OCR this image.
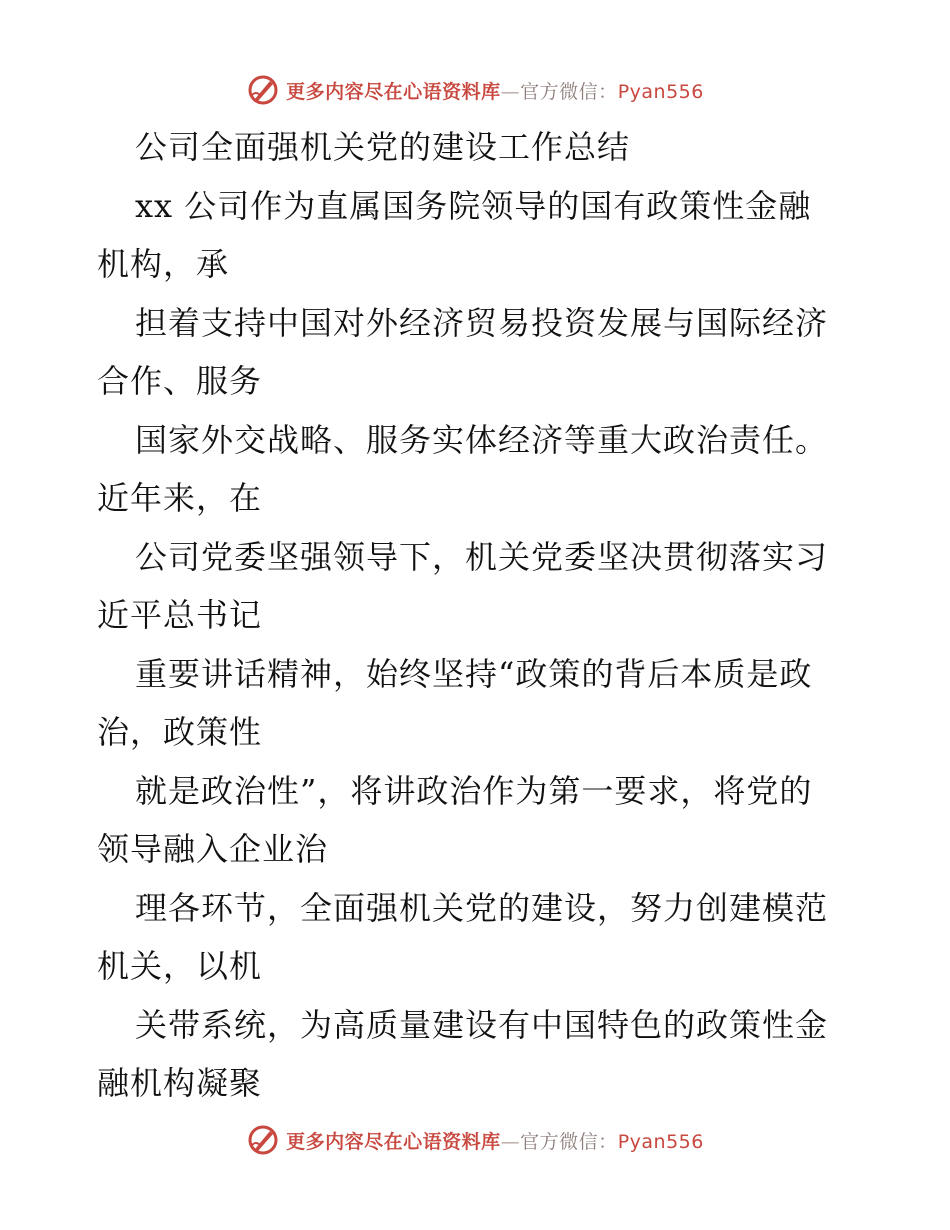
更多内容尽在心语资料库—官方微信：Pyan556
公司全面强机关党的建设工作总结
xx 公司作为直属国务院领导的国有政策性金融
机构，承
担着支持中国对外经济贸易投资发展与国际经济
合作、服务
国家外交战略、服务实体经济等重大政治责任。
近年来，在
公司党委坚强领导下，机关党委坚决贯彻落实习
近平总书记
重要讲话精神，始终坚持“政策的背后本质是政
治，政策性
就是政治性”，将讲政治作为第一要求，将党的
领导融入企业治
理各环节，全面强机关党的建设，努力创建模范
机关，以机
关带系统，为高质量建设有中国特色的政策性金
融机构凝聚
更多内容尽在心语资料库—官方微信：Pyan556
